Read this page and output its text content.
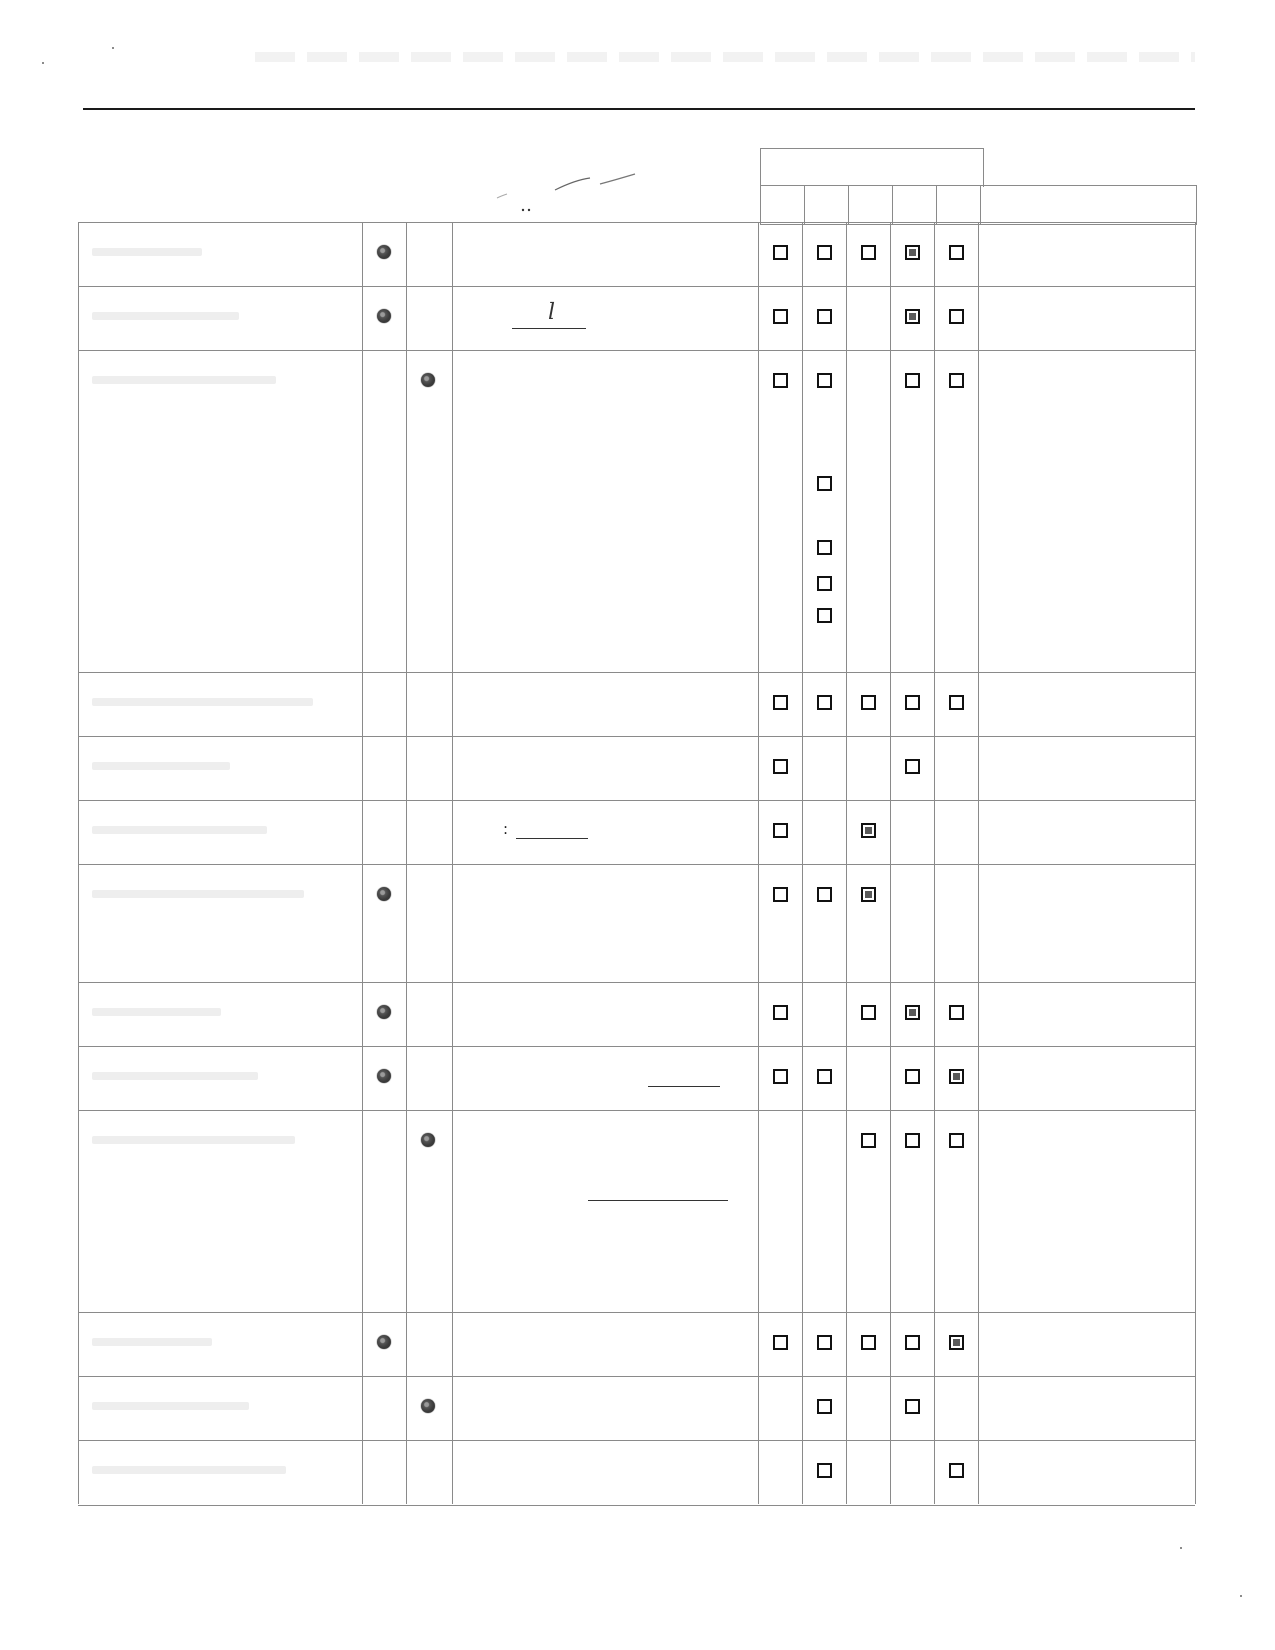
l
:
